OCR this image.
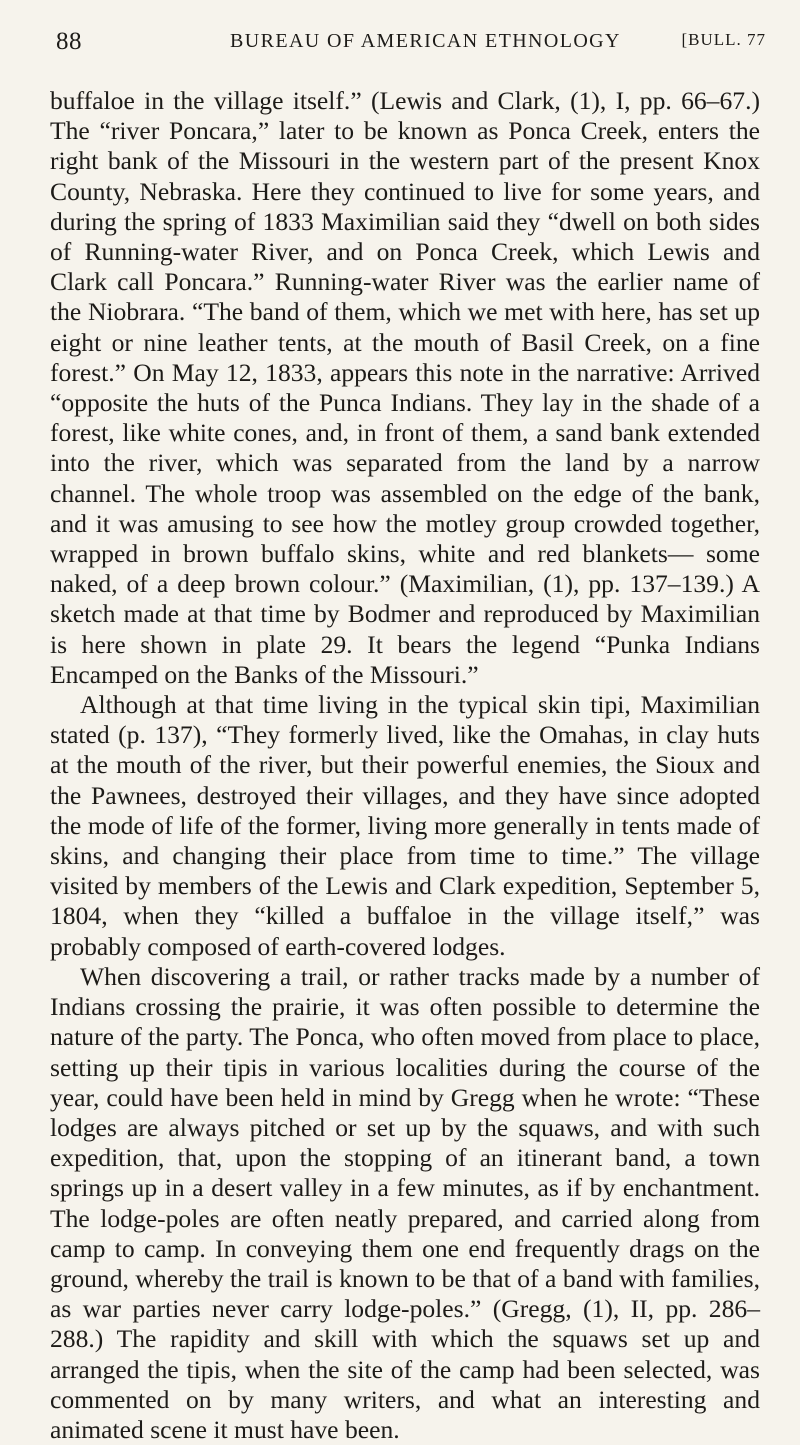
88	BUREAU OF AMERICAN ETHNOLOGY	[BULL. 77

buffaloe in the village itself.” (Lewis and Clark, (1), I, pp. 66–67.) The “river Poncara,” later to be known as Ponca Creek, enters the right bank of the Missouri in the western part of the present Knox County, Nebraska. Here they continued to live for some years, and during the spring of 1833 Maximilian said they “dwell on both sides of Running-water River, and on Ponca Creek, which Lewis and Clark call Poncara.” Running-water River was the earlier name of the Niobrara. “The band of them, which we met with here, has set up eight or nine leather tents, at the mouth of Basil Creek, on a fine forest.” On May 12, 1833, appears this note in the narrative: Arrived “opposite the huts of the Punca Indians. They lay in the shade of a forest, like white cones, and, in front of them, a sand bank extended into the river, which was separated from the land by a narrow channel. The whole troop was assembled on the edge of the bank, and it was amusing to see how the motley group crowded together, wrapped in brown buffalo skins, white and red blankets— some naked, of a deep brown colour.” (Maximilian, (1), pp. 137–139.) A sketch made at that time by Bodmer and reproduced by Maximilian is here shown in plate 29. It bears the legend “Punka Indians Encamped on the Banks of the Missouri.”

Although at that time living in the typical skin tipi, Maximilian stated (p. 137), “They formerly lived, like the Omahas, in clay huts at the mouth of the river, but their powerful enemies, the Sioux and the Pawnees, destroyed their villages, and they have since adopted the mode of life of the former, living more generally in tents made of skins, and changing their place from time to time.” The village visited by members of the Lewis and Clark expedition, September 5, 1804, when they “killed a buffaloe in the village itself,” was probably composed of earth-covered lodges.

When discovering a trail, or rather tracks made by a number of Indians crossing the prairie, it was often possible to determine the nature of the party. The Ponca, who often moved from place to place, setting up their tipis in various localities during the course of the year, could have been held in mind by Gregg when he wrote: “These lodges are always pitched or set up by the squaws, and with such expedition, that, upon the stopping of an itinerant band, a town springs up in a desert valley in a few minutes, as if by enchantment. The lodge-poles are often neatly prepared, and carried along from camp to camp. In conveying them one end frequently drags on the ground, whereby the trail is known to be that of a band with families, as war parties never carry lodge-poles.” (Gregg, (1), II, pp. 286–288.) The rapidity and skill with which the squaws set up and arranged the tipis, when the site of the camp had been selected, was commented on by many writers, and what an interesting and animated scene it must have been.
